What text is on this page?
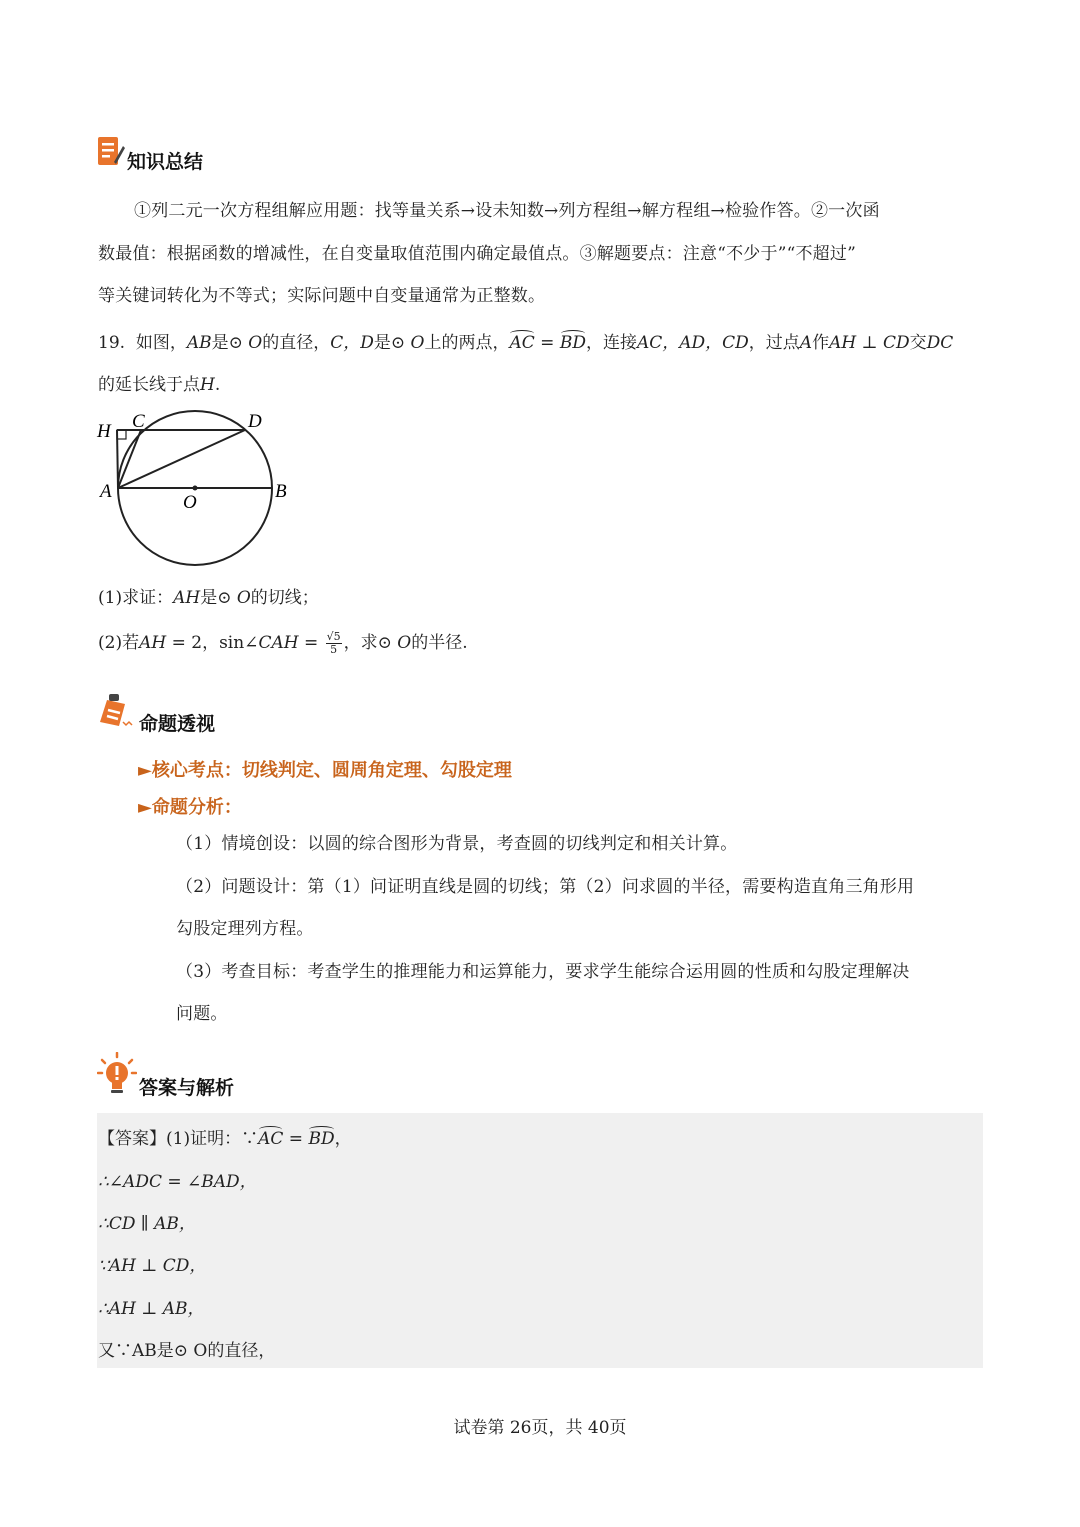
知识总结
①列二元一次方程组解应用题：找等量关系→设未知数→列方程组→解方程组→检验作答。②一次函
数最值：根据函数的增减性，在自变量取值范围内确定最值点。③解题要点：注意“不少于”“不超过”
等关键词转化为不等式；实际问题中自变量通常为正整数。
19. 如图，AB是⊙ O的直径，C，D是⊙ O上的两点，AC = BD，连接AC，AD，CD，过点A作AH ⊥ CD交DC
的延长线于点H.
H C	D
A
O
B
(1)求证：AH是⊙ O的切线；
(2)若AH = 2，sin∠CAH = $\frac{√5}{5}$ ，求⊙ O的半径.
命题透视
►核心考点：切线判定、圆周角定理、勾股定理
►命题分析：
（1）情境创设：以圆的综合图形为背景，考查圆的切线判定和相关计算。
（2）问题设计：第（1）问证明直线是圆的切线；第（2）问求圆的半径，需要构造直角三角形用
勾股定理列方程。
（3）考查目标：考查学生的推理能力和运算能力，要求学生能综合运用圆的性质和勾股定理解决
问题。
答案与解析
【答案】(1)证明：∵AC = BD，
∴∠ADC = ∠BAD，
∴CD ∥ AB，
∵AH ⊥ CD，
∴AH ⊥ AB，
又∵AB是⊙ O的直径，
试卷第 26页，共 40页
